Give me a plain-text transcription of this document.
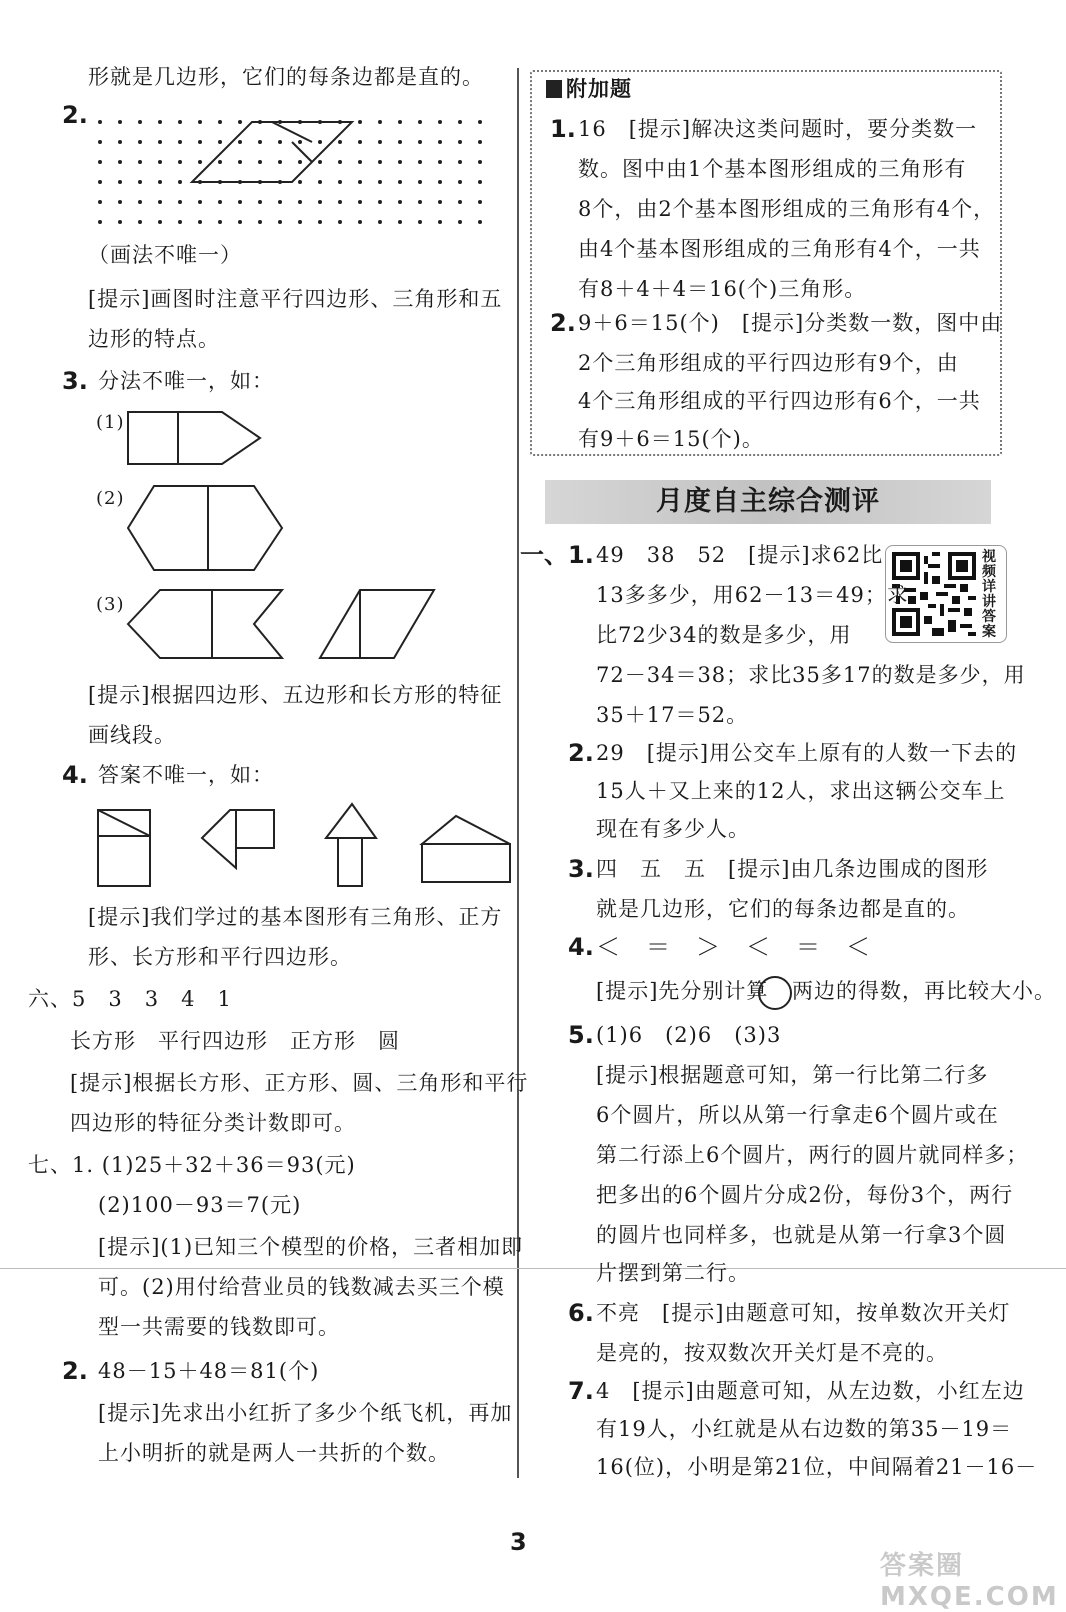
形就是几边形，它们的每条边都是直的。
2.
（画法不唯一）
[提示]画图时注意平行四边形、三角形和五
边形的特点。
3. 分法不唯一，如：
(1)
(2)
(3)
[提示]根据四边形、五边形和长方形的特征
画线段。
4. 答案不唯一，如：
[提示]我们学过的基本图形有三角形、正方
形、长方形和平行四边形。
六、5　3　3　4　1
长方形　平行四边形　正方形　圆
[提示]根据长方形、正方形、圆、三角形和平行
四边形的特征分类计数即可。
七、1. (1)25＋32＋36＝93(元)
(2)100－93＝7(元)
[提示](1)已知三个模型的价格，三者相加即
可。(2)用付给营业员的钱数减去买三个模
型一共需要的钱数即可。
2. 48－15＋48＝81(个)
[提示]先求出小红折了多少个纸飞机，再加
上小明折的就是两人一共折的个数。
附加题
1. 16　[提示]解决这类问题时，要分类数一
数。图中由1个基本图形组成的三角形有
8个，由2个基本图形组成的三角形有4个，
由4个基本图形组成的三角形有4个，一共
有8＋4＋4＝16(个)三角形。
2. 9＋6＝15(个)　[提示]分类数一数，图中由
2个三角形组成的平行四边形有9个，由
4个三角形组成的平行四边形有6个，一共
有9＋6＝15(个)。
月度自主综合测评
视频详讲答案
一、1. 49　38　52　[提示]求62比
13多多少，用62－13＝49；求
比72少34的数是多少，用
72－34＝38；求比35多17的数是多少，用
35＋17＝52。
2. 29　[提示]用公交车上原有的人数一下去的
15人＋又上来的12人，求出这辆公交车上
现在有多少人。
3. 四　五　五　[提示]由几条边围成的图形
就是几边形，它们的每条边都是直的。
4. ＜　＝　＞　＜　＝　＜
[提示]先分别计算 两边的得数，再比较大小。
5. (1)6　(2)6　(3)3
[提示]根据题意可知，第一行比第二行多
6个圆片，所以从第一行拿走6个圆片或在
第二行添上6个圆片，两行的圆片就同样多；
把多出的6个圆片分成2份，每份3个，两行
的圆片也同样多，也就是从第一行拿3个圆
片摆到第二行。
6. 不亮　[提示]由题意可知，按单数次开关灯
是亮的，按双数次开关灯是不亮的。
7. 4　[提示]由题意可知，从左边数，小红左边
有19人，小红就是从右边数的第35－19＝
16(位)，小明是第21位，中间隔着21－16－
3
答案圈 MXQE.COM
